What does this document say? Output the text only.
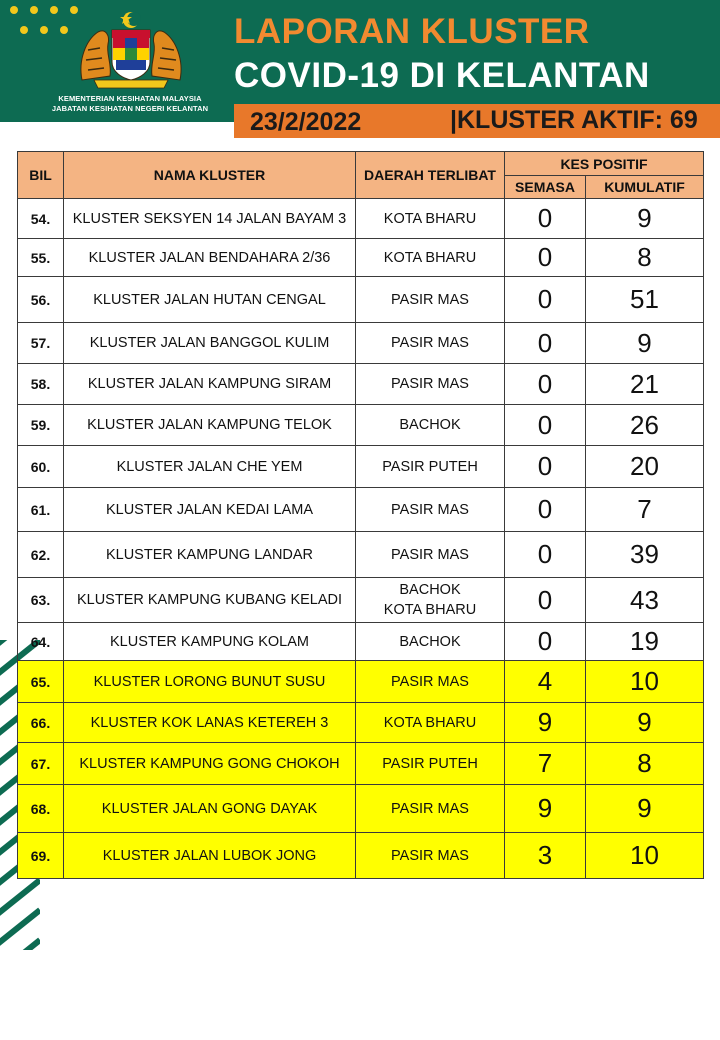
KEMENTERIAN KESIHATAN MALAYSIA
JABATAN KESIHATAN NEGERI KELANTAN
LAPORAN KLUSTER
COVID-19 DI KELANTAN
23/2/2022	|KLUSTER AKTIF: 69
BIL	NAMA KLUSTER	DAERAH TERLIBAT	KES POSITIF	
			SEMASA	KUMULATIF
54.	KLUSTER SEKSYEN 14 JALAN BAYAM 3	KOTA BHARU	0	9
55.	KLUSTER JALAN BENDAHARA 2/36	KOTA BHARU	0	8
56.	KLUSTER JALAN HUTAN CENGAL	PASIR MAS	0	51
57.	KLUSTER JALAN BANGGOL KULIM	PASIR MAS	0	9
58.	KLUSTER JALAN KAMPUNG SIRAM	PASIR MAS	0	21
59.	KLUSTER JALAN KAMPUNG TELOK	BACHOK	0	26
60.	KLUSTER JALAN CHE YEM	PASIR PUTEH	0	20
61.	KLUSTER JALAN KEDAI LAMA	PASIR MAS	0	7
62.	KLUSTER KAMPUNG LANDAR	PASIR MAS	0	39
63.	KLUSTER KAMPUNG KUBANG KELADI	BACHOK
KOTA BHARU	0	43
64.	KLUSTER KAMPUNG KOLAM	BACHOK	0	19
65.	KLUSTER LORONG BUNUT SUSU	PASIR MAS	4	10
66.	KLUSTER KOK LANAS KETEREH 3	KOTA BHARU	9	9
67.	KLUSTER KAMPUNG GONG CHOKOH	PASIR PUTEH	7	8
68.	KLUSTER JALAN GONG DAYAK	PASIR MAS	9	9
69.	KLUSTER JALAN LUBOK JONG	PASIR MAS	3	10
